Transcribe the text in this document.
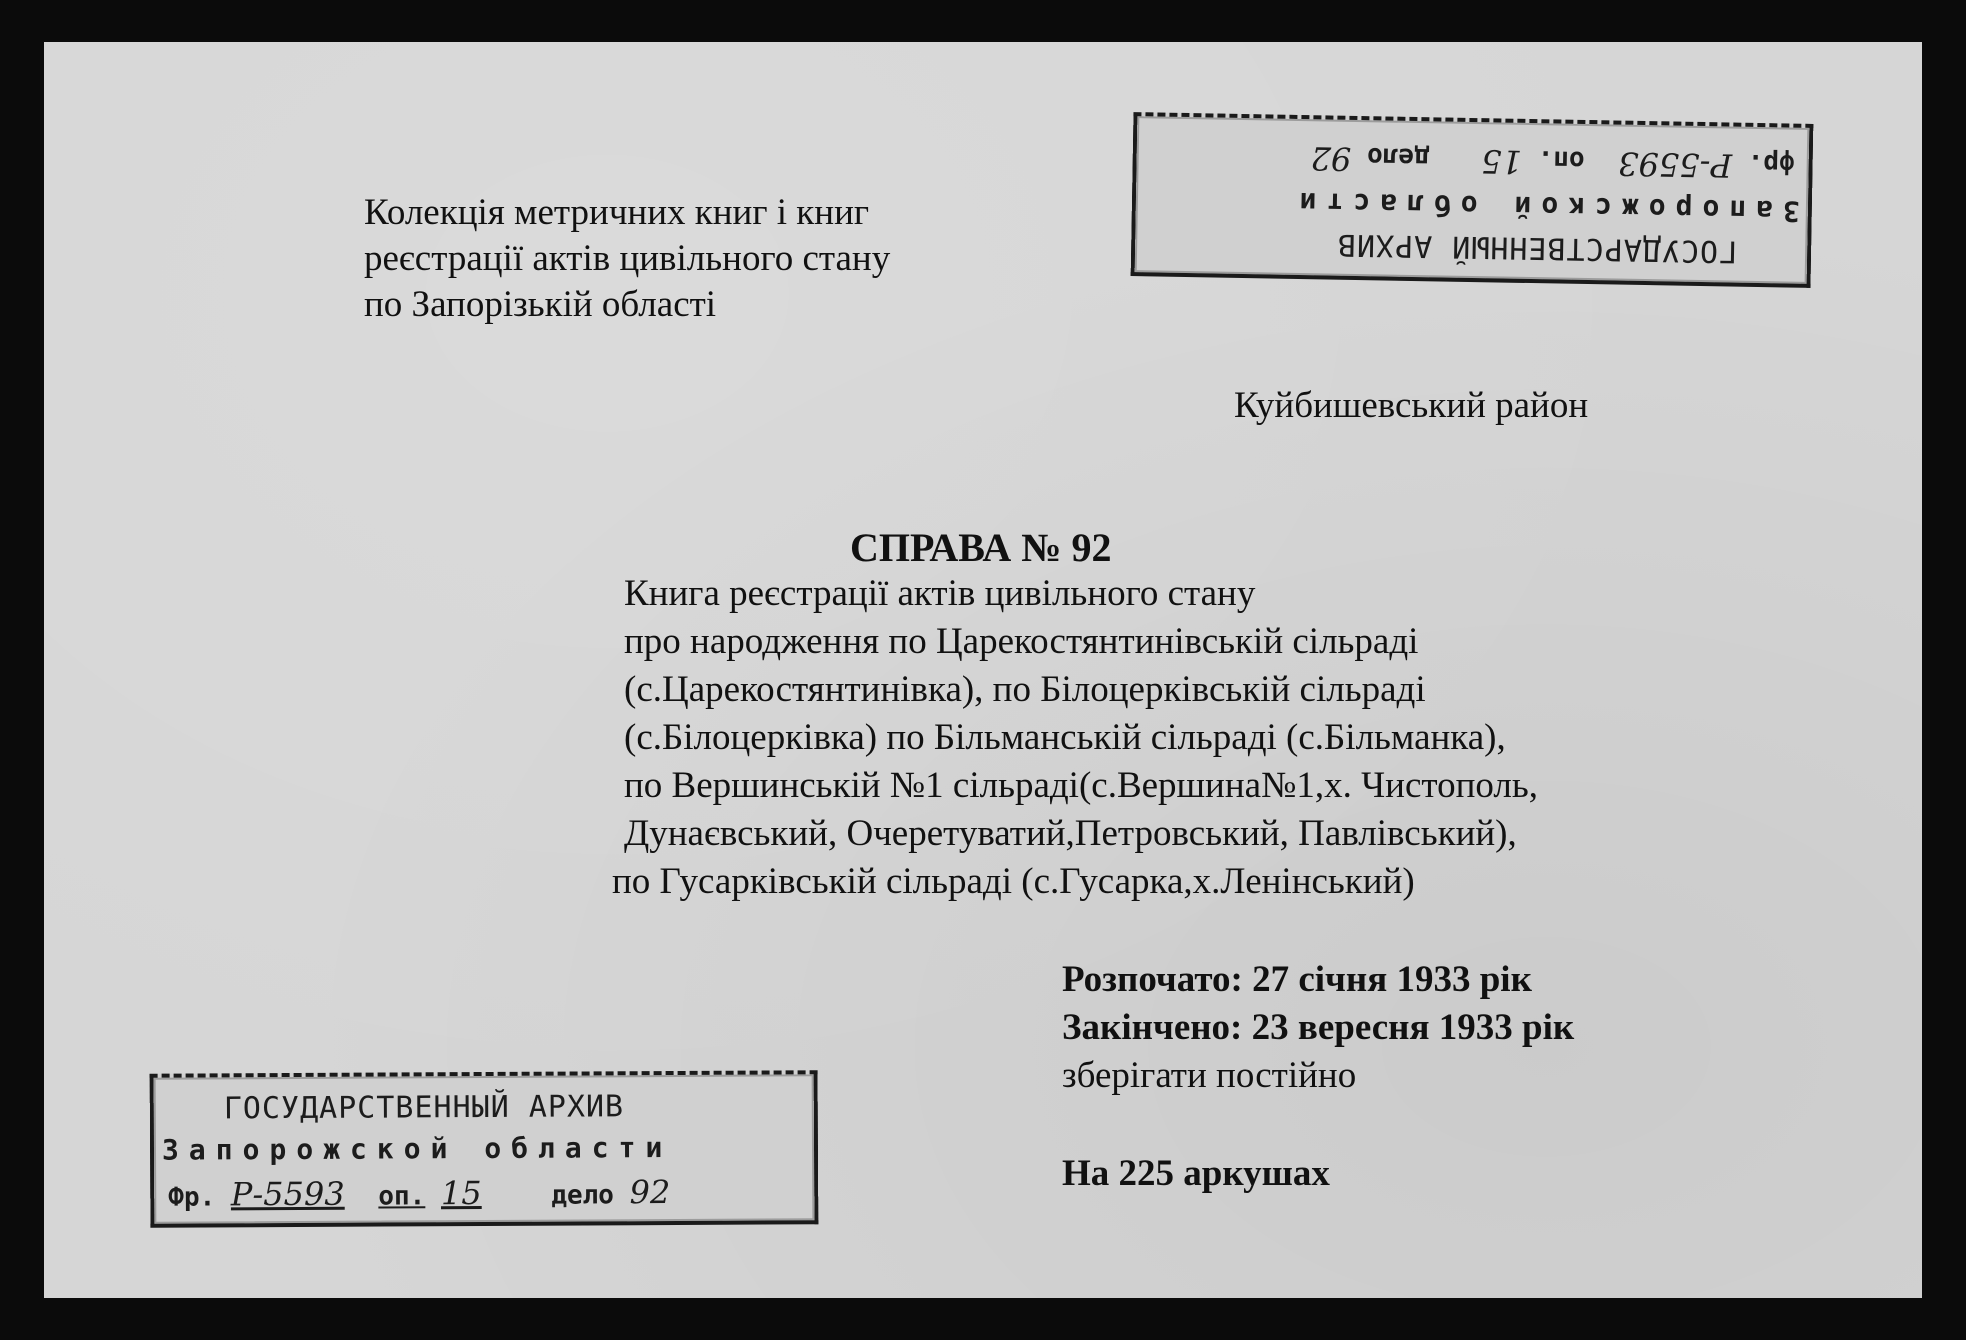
Колекція метричних книг і книг
реєстрації актів цивільного стану
по Запорізькій області
ГОСУДАРСТВЕННЫЙ АРХИВ
Запорожской области
фр. Р-5593 оп. 15 дело 92
Куйбишевський район
СПРАВА № 92
Книга реєстрації актів цивільного стану
про народження по Царекостянтинівській сільраді
(с.Царекостянтинівка), по Білоцерківській сільраді
(с.Білоцерківка) по Більманській сільраді (с.Більманка),
по Вершинській №1 сільраді(с.Вершина№1,х. Чистополь,
Дунаєвський, Очеретуватий,Петровський, Павлівський),
по Гусарківській сільраді (с.Гусарка,х.Ленінський)
Розпочато: 27 січня 1933 рік
Закінчено: 23 вересня 1933 рік
зберігати постійно
На 225 аркушах
ГОСУДАРСТВЕННЫЙ АРХИВ
Запорожской области
Фр. Р-5593 оп. 15	дело 92
